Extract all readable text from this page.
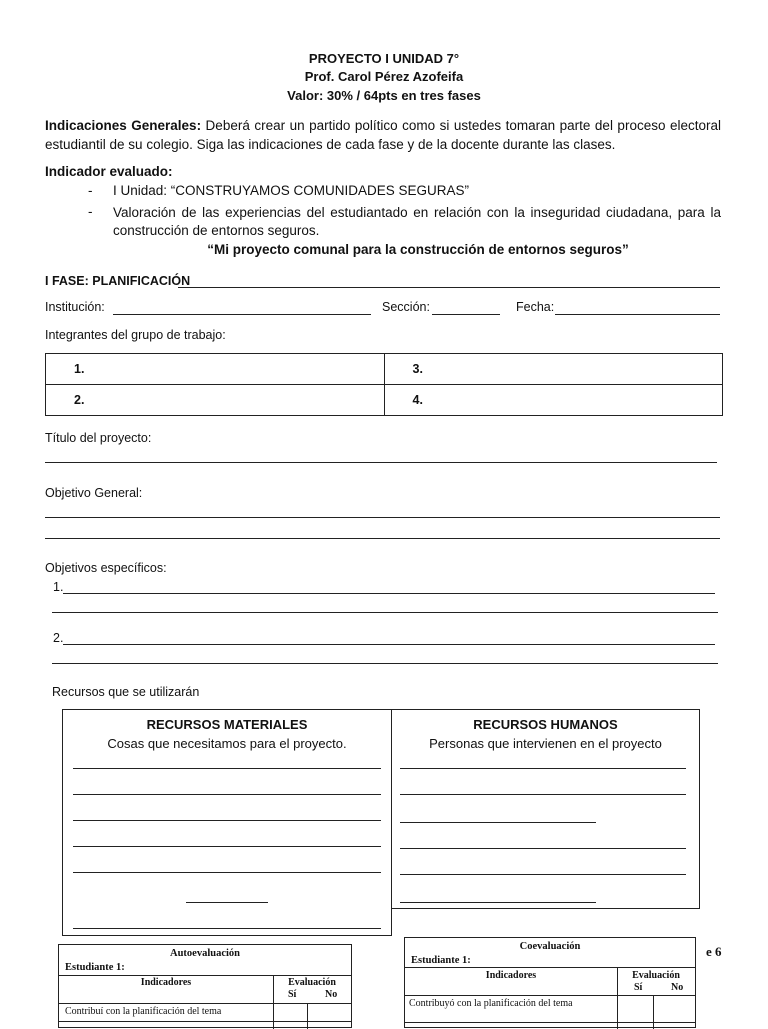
PROYECTO I UNIDAD 7°
Prof. Carol Pérez Azofeifa
Valor: 30% / 64pts en tres fases
Indicaciones Generales: Deberá crear un partido político como si ustedes tomaran parte del proceso electoral estudiantil de su colegio. Siga las indicaciones de cada fase y de la docente durante las clases.
Indicador evaluado:
- I Unidad: “CONSTRUYAMOS COMUNIDADES SEGURAS”
- Valoración de las experiencias del estudiantado en relación con la inseguridad ciudadana, para la construcción de entornos seguros.
“Mi proyecto comunal para la construcción de entornos seguros”
I FASE: PLANIFICACIÓN
Institución:	Sección:	Fecha:
Integrantes del grupo de trabajo:
1.	3.
2.	4.
Título del proyecto:
Objetivo General:
Objetivos específicos:
1.
2.
Recursos que se utilizarán
RECURSOS MATERIALES
Cosas que necesitamos para el proyecto.
RECURSOS HUMANOS
Personas que intervienen en el proyecto
Autoevaluación
Estudiante 1:
Indicadores	Evaluación
Sí	No
Contribuí con la planificación del tema
Coevaluación
Estudiante 1:
Indicadores	Evaluación
Sí	No
Contribuyó con la planificación del tema
e 6
